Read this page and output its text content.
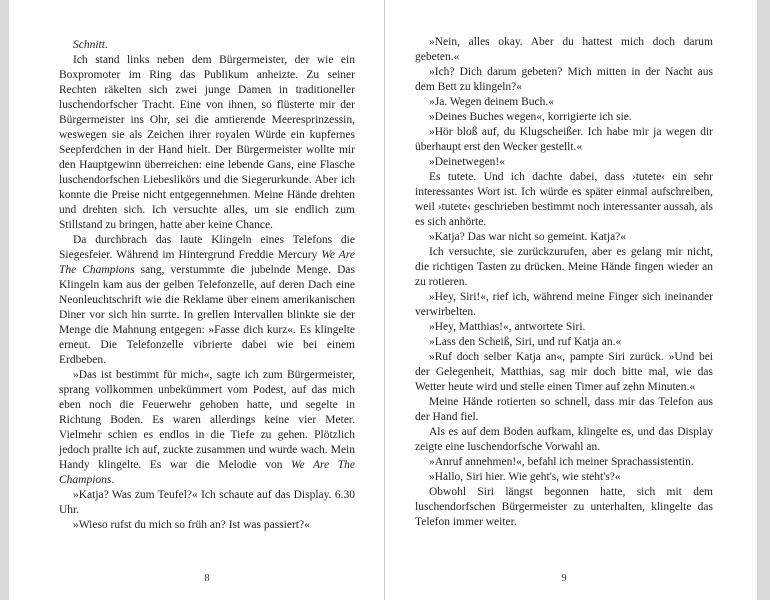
Schnitt.

Ich stand links neben dem Bürgermeister, der wie ein Boxpromoter im Ring das Publikum anheizte. Zu seiner Rechten räkelten sich zwei junge Damen in traditioneller luschendorfscher Tracht. Eine von ihnen, so flüsterte mir der Bürgermeister ins Ohr, sei die amtierende Meeresprinzessin, weswegen sie als Zeichen ihrer royalen Würde ein kupfernes Seepferdchen in der Hand hielt. Der Bürgermeister wollte mir den Hauptgewinn überreichen: eine lebende Gans, eine Flasche luschendorfschen Liebeslikörs und die Siegerurkunde. Aber ich konnte die Preise nicht entgegennehmen. Meine Hände drehten und drehten sich. Ich versuchte alles, um sie endlich zum Stillstand zu bringen, hatte aber keine Chance.

Da durchbrach das laute Klingeln eines Telefons die Siegesfeier. Während im Hintergrund Freddie Mercury We Are The Champions sang, verstummte die jubelnde Menge. Das Klingeln kam aus der gelben Telefonzelle, auf deren Dach eine Neonleuchtschrift wie die Reklame über einem amerikanischen Diner vor sich hin surrte. In grellen Intervallen blinkte sie der Menge die Mahnung entgegen: »Fasse dich kurz«. Es klingelte erneut. Die Telefonzelle vibrierte dabei wie bei einem Erdbeben.

»Das ist bestimmt für mich«, sagte ich zum Bürgermeister, sprang vollkommen unbekümmert vom Podest, auf das mich eben noch die Feuerwehr gehoben hatte, und segelte in Richtung Boden. Es waren allerdings keine vier Meter. Vielmehr schien es endlos in die Tiefe zu gehen. Plötzlich jedoch prallte ich auf, zuckte zusammen und wurde wach. Mein Handy klingelte. Es war die Melodie von We Are The Champions.

»Katja? Was zum Teufel?« Ich schaute auf das Display. 6.30 Uhr.

»Wieso rufst du mich so früh an? Ist was passiert?«

8

»Nein, alles okay. Aber du hattest mich doch darum gebeten.«

»Ich? Dich darum gebeten? Mich mitten in der Nacht aus dem Bett zu klingeln?«

»Ja. Wegen deinem Buch.«

»Deines Buches wegen«, korrigierte ich sie.

»Hör bloß auf, du Klugscheißer. Ich habe mir ja wegen dir überhaupt erst den Wecker gestellt.«

»Deinetwegen!«

Es tutete. Und ich dachte dabei, dass ›tutete‹ ein sehr interessantes Wort ist. Ich würde es später einmal aufschreiben, weil ›tutete‹ geschrieben bestimmt noch interessanter aussah, als es sich anhörte.

»Katja? Das war nicht so gemeint. Katja?«

Ich versuchte, sie zurückzurufen, aber es gelang mir nicht, die richtigen Tasten zu drücken. Meine Hände fingen wieder an zu rotieren.

»Hey, Siri!«, rief ich, während meine Finger sich ineinander verwirbelten.

»Hey, Matthias!«, antwortete Siri.

»Lass den Scheiß, Siri, und ruf Katja an.«

»Ruf doch selber Katja an«, pampte Siri zurück. »Und bei der Gelegenheit, Matthias, sag mir doch bitte mal, wie das Wetter heute wird und stelle einen Timer auf zehn Minuten.«

Meine Hände rotierten so schnell, dass mir das Telefon aus der Hand fiel.

Als es auf dem Boden aufkam, klingelte es, und das Display zeigte eine luschendorfsche Vorwahl an.

»Anruf annehmen!«, befahl ich meiner Sprachassistentin.

»Hallo, Siri hier. Wie geht's, wie steht's?«

Obwohl Siri längst begonnen hatte, sich mit dem luschendorfschen Bürgermeister zu unterhalten, klingelte das Telefon immer weiter.

9
